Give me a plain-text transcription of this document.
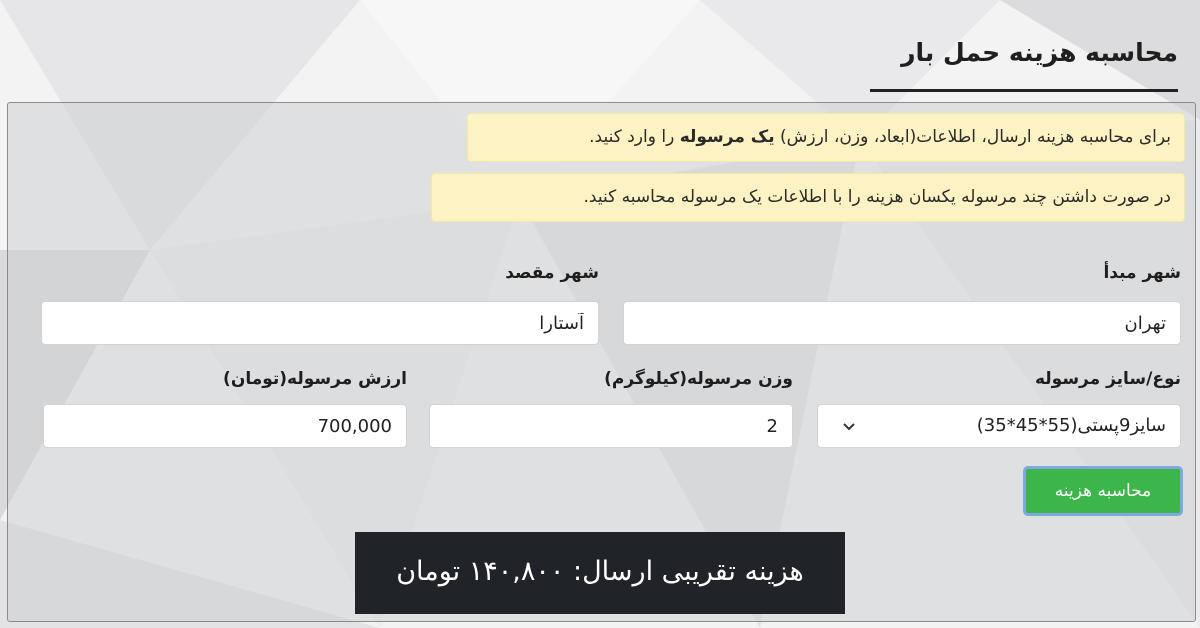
محاسبه هزینه حمل بار
برای محاسبه هزینه ارسال، اطلاعات(ابعاد، وزن، ارزش) یک مرسوله را وارد کنید.
در صورت داشتن چند مرسوله یکسان هزینه را با اطلاعات یک مرسوله محاسبه کنید.
شهر مبدأ
شهر مقصد
تهران
آستارا
نوع/سایز مرسوله
وزن مرسوله(کیلوگرم)
ارزش مرسوله(تومان)
سایز9پستی(55*45*35)
2
700,000
محاسبه هزینه
هزینه تقریبی ارسال: ۱۴۰,۸۰۰ تومان
